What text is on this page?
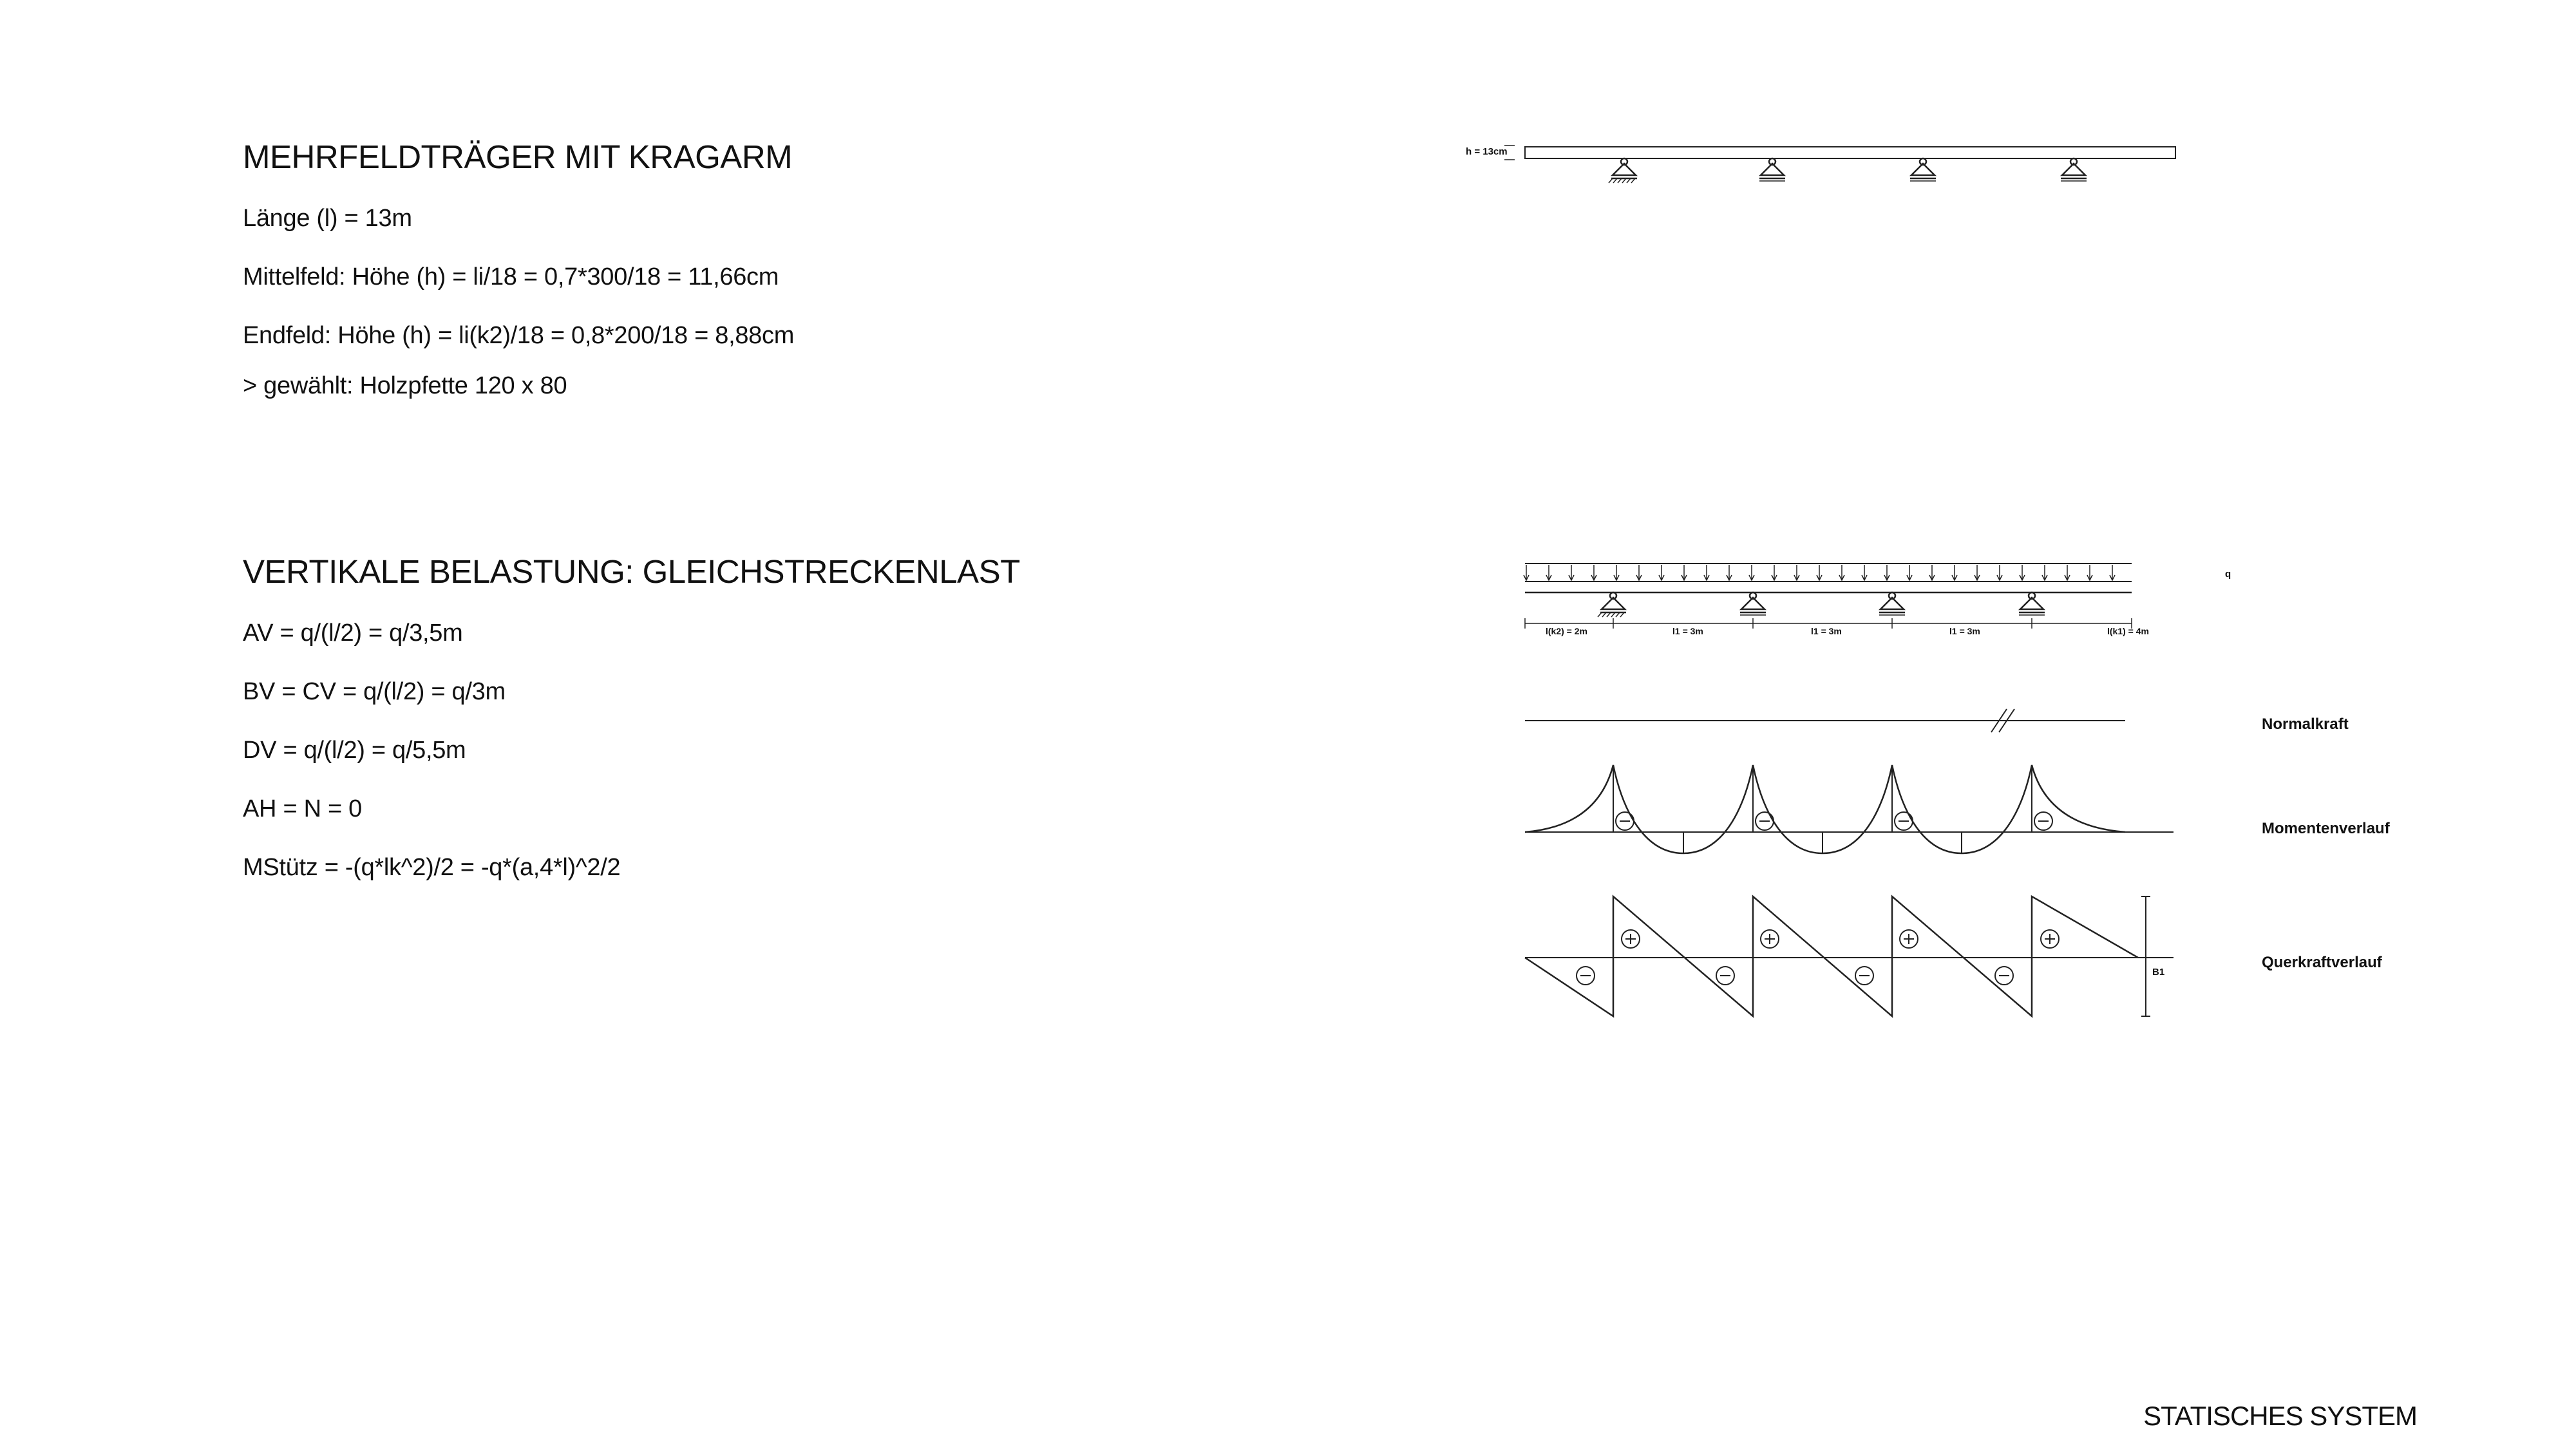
MEHRFELDTRÄGER MIT KRAGARM
Länge (l) = 13m
Mittelfeld: Höhe (h) = li/18 = 0,7*300/18 = 11,66cm
Endfeld: Höhe (h) = li(k2)/18 = 0,8*200/18 = 8,88cm
> gewählt: Holzpfette 120 x 80
VERTIKALE BELASTUNG: GLEICHSTRECKENLAST
AV = q/(l/2) = q/3,5m
BV = CV = q/(l/2) = q/3m
DV = q/(l/2) = q/5,5m
AH = N = 0
MStütz = -(q*lk^2)/2 = -q*(a,4*l)^2/2
h = 13cm
q
l(k2) = 2m	l1 = 3m	l1 = 3m	l1 = 3m	l(k1) = 4m
Normalkraft
Momentenverlauf
B1
Querkraftverlauf
STATISCHES SYSTEM
